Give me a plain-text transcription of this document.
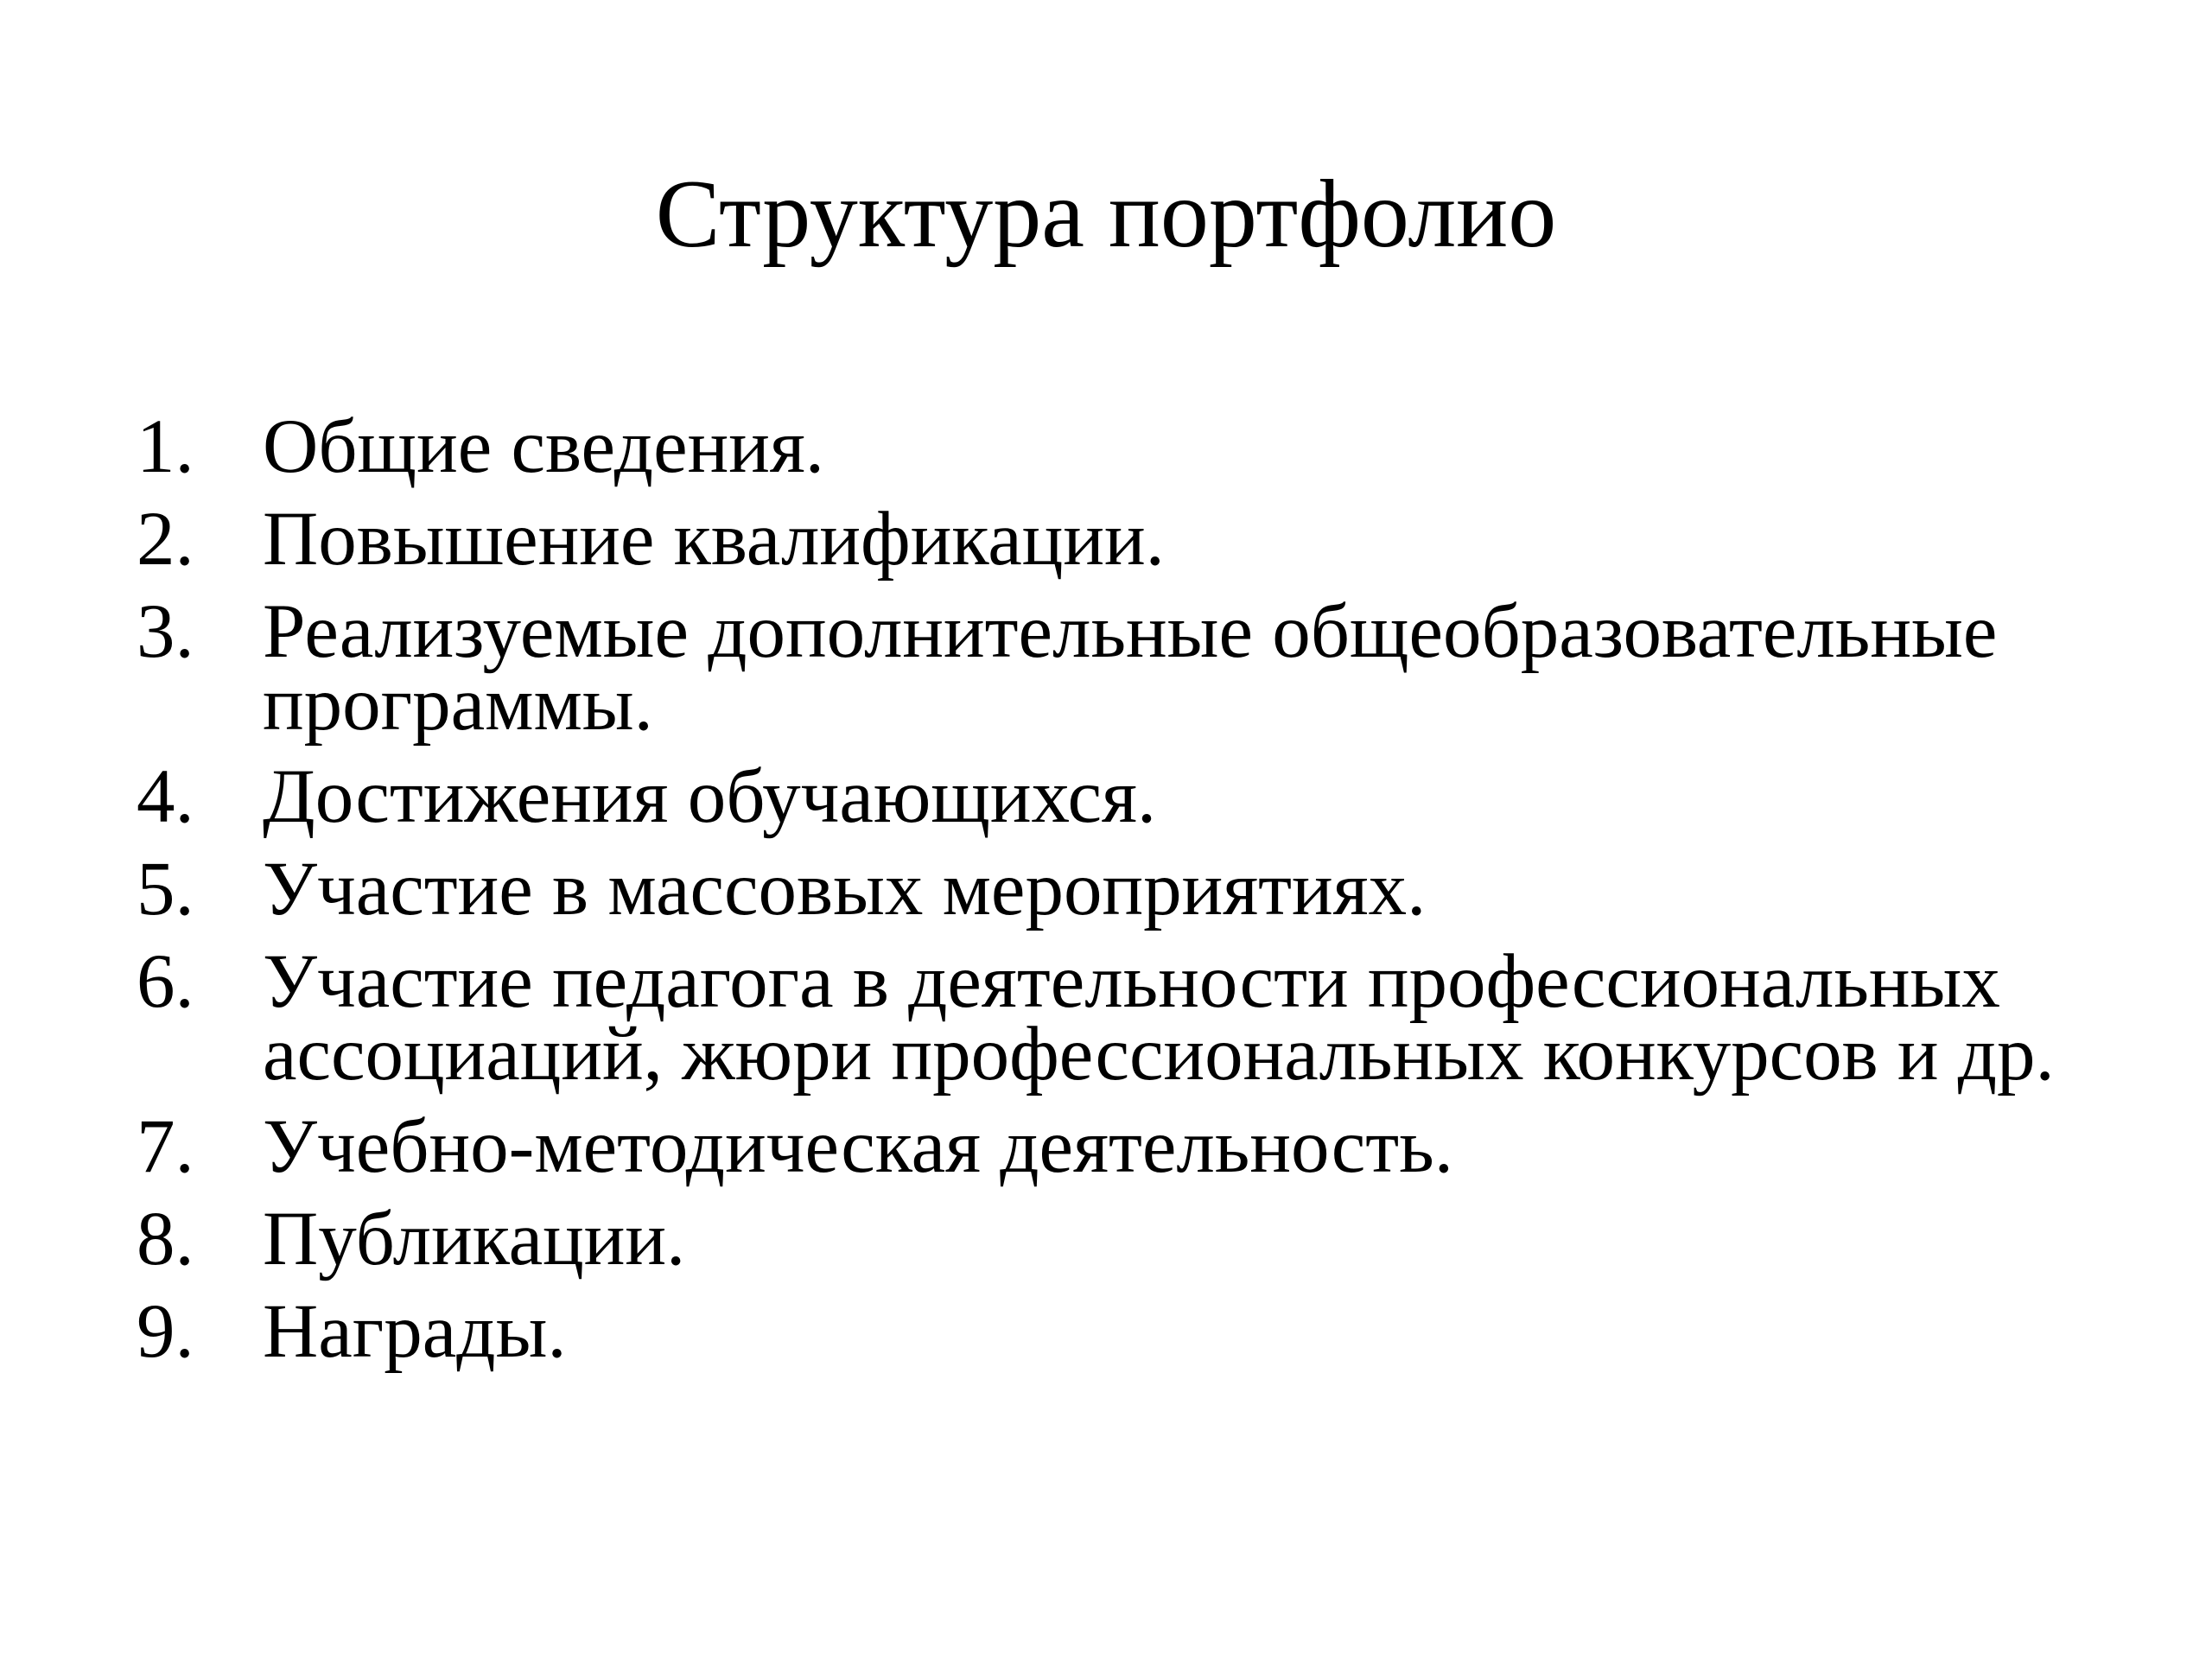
Структура портфолио
1. Общие сведения.
2. Повышение квалификации.
3. Реализуемые дополнительные общеобразовательные программы.
4. Достижения обучающихся.
5. Участие в массовых мероприятиях.
6. Участие педагога в деятельности профессиональных ассоциаций, жюри профессиональных конкурсов и др.
7. Учебно-методическая деятельность.
8. Публикации.
9. Награды.
